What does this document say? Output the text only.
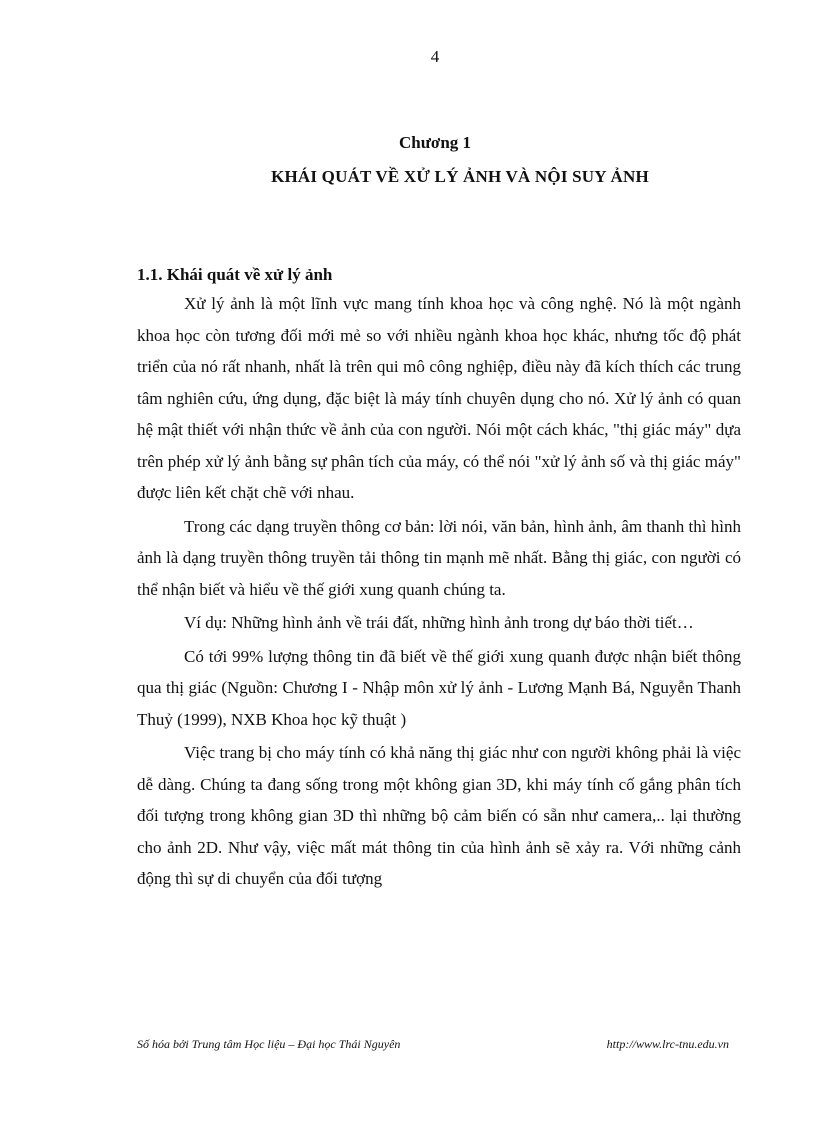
4
Chương 1
KHÁI QUÁT VỀ XỬ LÝ ẢNH VÀ NỘI SUY ẢNH
1.1. Khái quát về xử lý ảnh

Xử lý ảnh là một lĩnh vực mang tính khoa học và công nghệ. Nó là một ngành khoa học còn tương đối mới mẻ so với nhiều ngành khoa học khác, nhưng tốc độ phát triển của nó rất nhanh, nhất là trên qui mô công nghiệp, điều này đã kích thích các trung tâm nghiên cứu, ứng dụng, đặc biệt là máy tính chuyên dụng cho nó. Xử lý ảnh có quan hệ mật thiết với nhận thức về ảnh của con người. Nói một cách khác, "thị giác máy" dựa trên phép xử lý ảnh bằng sự phân tích của máy, có thể nói "xử lý ảnh số và thị giác máy" được liên kết chặt chẽ với nhau.

Trong các dạng truyền thông cơ bản: lời nói, văn bản, hình ảnh, âm thanh thì hình ảnh là dạng truyền thông truyền tải thông tin mạnh mẽ nhất. Bằng thị giác, con người có thể nhận biết và hiểu về thế giới xung quanh chúng ta.

Ví dụ: Những hình ảnh về trái đất, những hình ảnh trong dự báo thời tiết…

Có tới 99% lượng thông tin đã biết về thế giới xung quanh được nhận biết thông qua thị giác (Nguồn: Chương I - Nhập môn xử lý ảnh - Lương Mạnh Bá, Nguyễn Thanh Thuỷ (1999), NXB Khoa học kỹ thuật )

Việc trang bị cho máy tính có khả năng thị giác như con người không phải là việc dễ dàng. Chúng ta đang sống trong một không gian 3D, khi máy tính cố gắng phân tích đối tượng trong không gian 3D thì những bộ cảm biến có sẵn như camera,.. lại thường cho ảnh 2D. Như vậy, việc mất mát thông tin của hình ảnh sẽ xảy ra. Với những cảnh động thì sự di chuyển của đối tượng

Số hóa bởi Trung tâm Học liệu – Đại học Thái Nguyên	http://www.lrc-tnu.edu.vn
